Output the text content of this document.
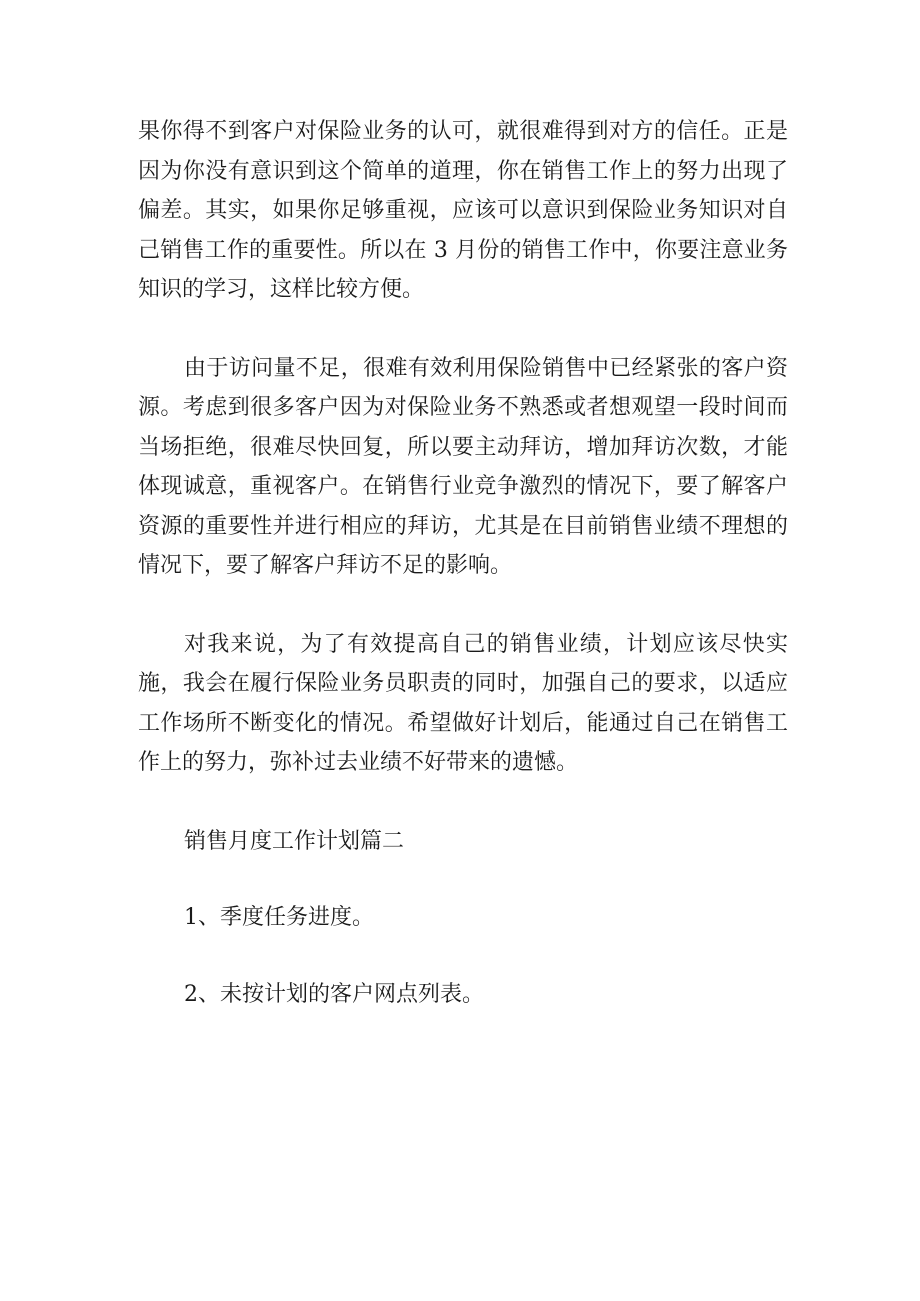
果你得不到客户对保险业务的认可，就很难得到对方的信任。正是因为你没有意识到这个简单的道理，你在销售工作上的努力出现了偏差。其实，如果你足够重视，应该可以意识到保险业务知识对自己销售工作的重要性。所以在 3 月份的销售工作中，你要注意业务知识的学习，这样比较方便。

由于访问量不足，很难有效利用保险销售中已经紧张的客户资源。考虑到很多客户因为对保险业务不熟悉或者想观望一段时间而当场拒绝，很难尽快回复，所以要主动拜访，增加拜访次数，才能体现诚意，重视客户。在销售行业竞争激烈的情况下，要了解客户资源的重要性并进行相应的拜访，尤其是在目前销售业绩不理想的情况下，要了解客户拜访不足的影响。

对我来说，为了有效提高自己的销售业绩，计划应该尽快实施，我会在履行保险业务员职责的同时，加强自己的要求，以适应工作场所不断变化的情况。希望做好计划后，能通过自己在销售工作上的努力，弥补过去业绩不好带来的遗憾。

销售月度工作计划篇二

1、季度任务进度。

2、未按计划的客户网点列表。
